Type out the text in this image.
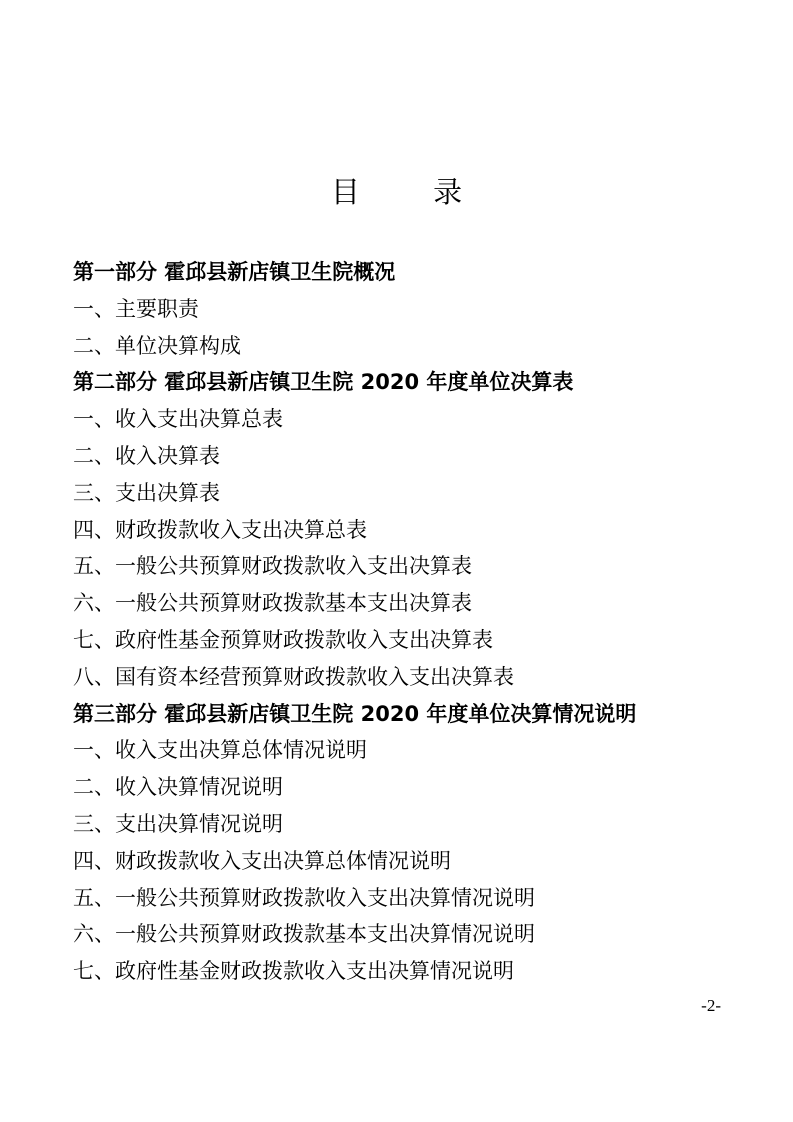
目 录
第一部分 霍邱县新店镇卫生院概况
一、主要职责
二、单位决算构成
第二部分 霍邱县新店镇卫生院 2020 年度单位决算表
一、收入支出决算总表
二、收入决算表
三、支出决算表
四、财政拨款收入支出决算总表
五、一般公共预算财政拨款收入支出决算表
六、一般公共预算财政拨款基本支出决算表
七、政府性基金预算财政拨款收入支出决算表
八、国有资本经营预算财政拨款收入支出决算表
第三部分 霍邱县新店镇卫生院 2020 年度单位决算情况说明
一、收入支出决算总体情况说明
二、收入决算情况说明
三、支出决算情况说明
四、财政拨款收入支出决算总体情况说明
五、一般公共预算财政拨款收入支出决算情况说明
六、一般公共预算财政拨款基本支出决算情况说明
七、政府性基金财政拨款收入支出决算情况说明
-2-
